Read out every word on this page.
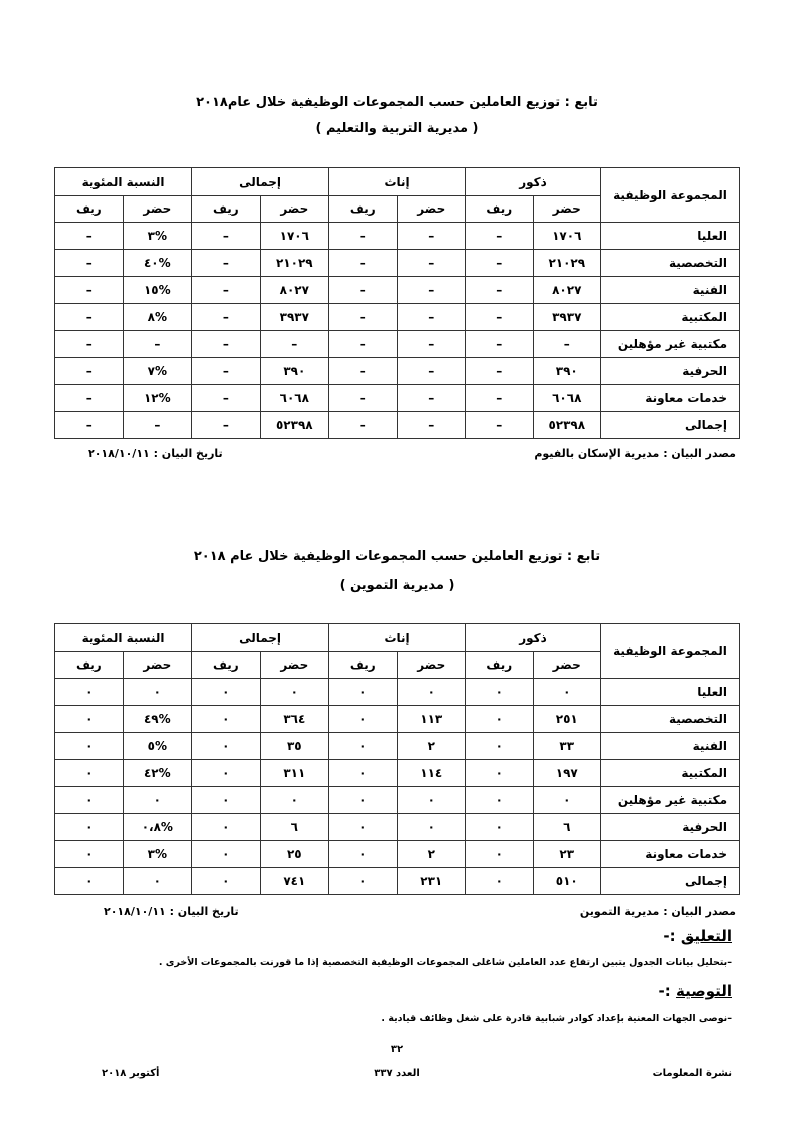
تابع : توزيع العاملين حسب المجموعات الوظيفية خلال عام٢٠١٨
( مديرية التربية والتعليم )
المجموعة الوظيفية	ذكور		إناث		إجمالى		النسبة المئوية	
	حضر	ريف	حضر	ريف	حضر	ريف	حضر	ريف
العليا	١٧٠٦	–	–	–	١٧٠٦	–	%٣	–
التخصصية	٢١٠٢٩	–	–	–	٢١٠٢٩	–	%٤٠	–
الفنية	٨٠٢٧	–	–	–	٨٠٢٧	–	%١٥	–
المكتبية	٣٩٣٧	–	–	–	٣٩٣٧	–	%٨	–
مكتبية غير مؤهلين	–	–	–	–	–	–	–	–
الحرفية	٣٩٠	–	–	–	٣٩٠	–	%٧	–
خدمات معاونة	٦٠٦٨	–	–	–	٦٠٦٨	–	%١٢	–
إجمالى	٥٢٣٩٨	–	–	–	٥٢٣٩٨	–	–	–
مصدر البيان : مديرية الإسكان بالفيوم
تاريخ البيان : ٢٠١٨/١٠/١١
تابع : توزيع العاملين حسب المجموعات الوظيفية خلال عام ٢٠١٨
( مديرية التموين )
المجموعة الوظيفية	ذكور		إناث		إجمالى		النسبة المئوية	
	حضر	ريف	حضر	ريف	حضر	ريف	حضر	ريف
العليا	٠	٠	٠	٠	٠	٠	٠	٠
التخصصية	٢٥١	٠	١١٣	٠	٣٦٤	٠	%٤٩	٠
الفنية	٣٣	٠	٢	٠	٣٥	٠	%٥	٠
المكتبية	١٩٧	٠	١١٤	٠	٣١١	٠	%٤٢	٠
مكتبية غير مؤهلين	٠	٠	٠	٠	٠	٠	٠	٠
الحرفية	٦	٠	٠	٠	٦	٠	%٠،٨	٠
خدمات معاونة	٢٣	٠	٢	٠	٢٥	٠	%٣	٠
إجمالى	٥١٠	٠	٢٣١	٠	٧٤١	٠	٠	٠
مصدر البيان : مديرية التموين
تاريخ البيان : ٢٠١٨/١٠/١١
التعليق :-
–بتحليل بيانات الجدول يتبين ارتفاع عدد العاملين شاغلى المجموعات الوظيفية التخصصية إذا ما قورنت بالمجموعات الأخرى .
التوصية :-
–نوصى الجهات المعنية بإعداد كوادر شبابية قادرة على شغل وظائف قيادية .
٣٢
نشرة المعلومات
العدد ٣٣٧
أكتوبر ٢٠١٨
